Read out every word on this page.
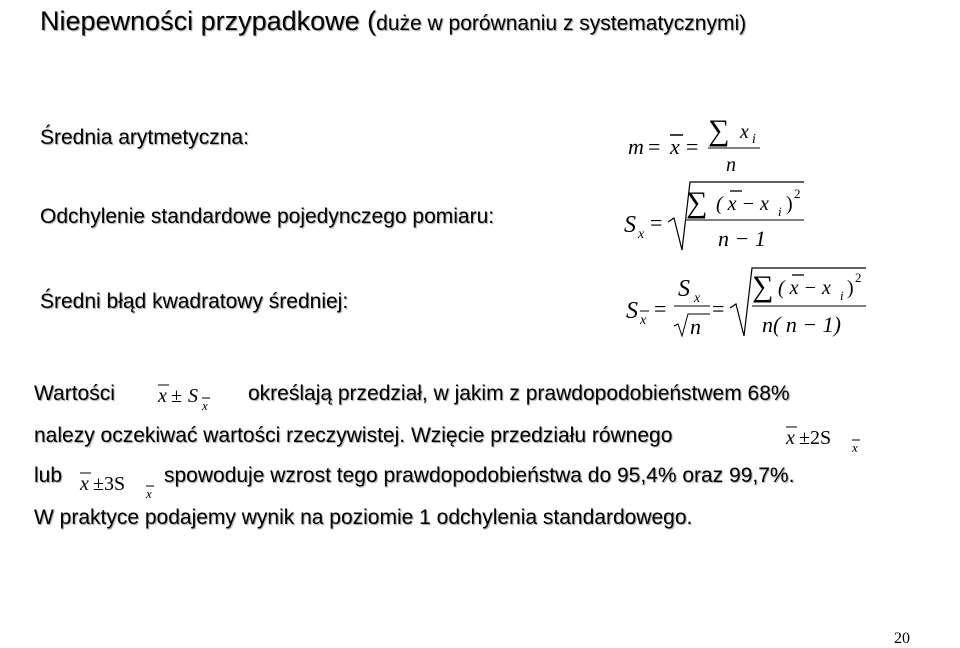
Niepewności przypadkowe (duże w porównaniu z systematycznymi)
Średnia arytmetyczna:
Odchylenie standardowe pojedynczego pomiaru:
Średni błąd kwadratowy średniej:
m = x = ∑ x i
n
S x =
∑ ( x − x i ) 2
n − 1
S x =
S x
n
=
∑ ( x − x i ) 2
n( n − 1)
Wartości x ± S x
określają przedział, w jakim z prawdopodobieństwem 68%
nalezy oczekiwać wartości rzeczywistej. Wzięcie przedziału równego	x ±2S x
lub x ±3S x
spowoduje wzrost tego prawdopodobieństwa do 95,4% oraz 99,7%.
W praktyce podajemy wynik na poziomie 1 odchylenia standardowego.
20
